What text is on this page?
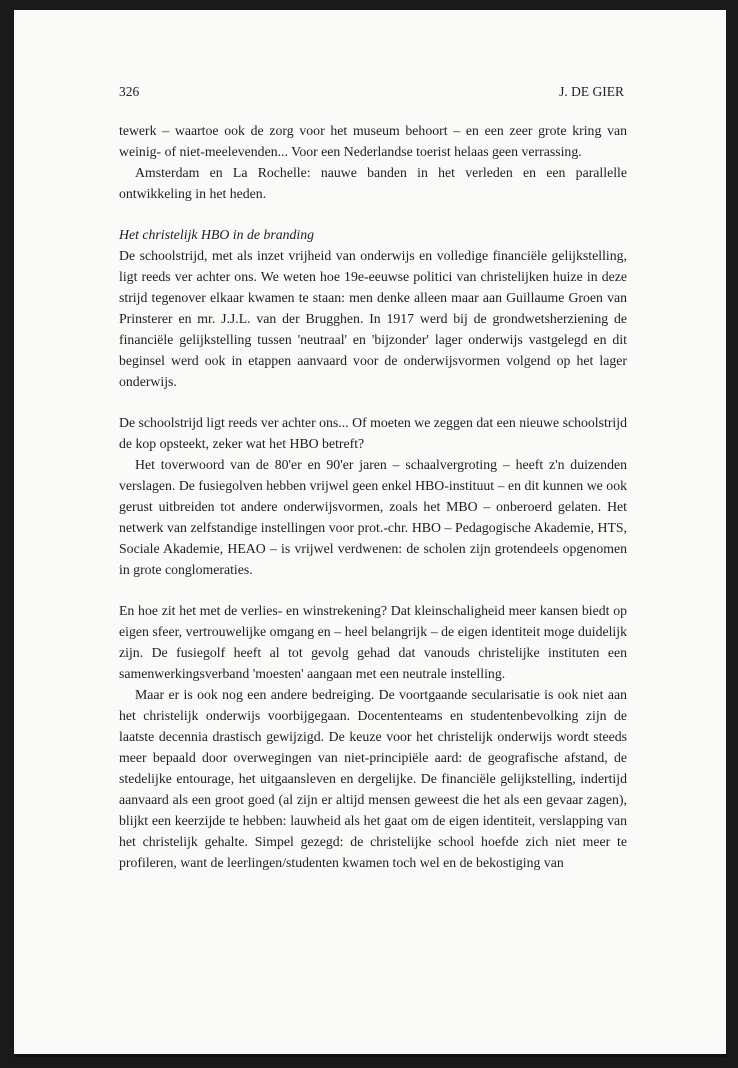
326	J. DE GIER

tewerk – waartoe ook de zorg voor het museum behoort – en een zeer grote kring van weinig- of niet-meelevenden... Voor een Nederlandse toerist helaas geen verrassing.

Amsterdam en La Rochelle: nauwe banden in het verleden en een parallelle ontwikkeling in het heden.

Het christelijk HBO in de branding

De schoolstrijd, met als inzet vrijheid van onderwijs en volledige financiële gelijkstelling, ligt reeds ver achter ons. We weten hoe 19e-eeuwse politici van christelijken huize in deze strijd tegenover elkaar kwamen te staan: men denke alleen maar aan Guillaume Groen van Prinsterer en mr. J.J.L. van der Brugghen. In 1917 werd bij de grondwetsherziening de financiële gelijkstelling tussen 'neutraal' en 'bijzonder' lager onderwijs vastgelegd en dit beginsel werd ook in etappen aanvaard voor de onderwijsvormen volgend op het lager onderwijs.

De schoolstrijd ligt reeds ver achter ons... Of moeten we zeggen dat een nieuwe schoolstrijd de kop opsteekt, zeker wat het HBO betreft?

Het toverwoord van de 80'er en 90'er jaren – schaalvergroting – heeft z'n duizenden verslagen. De fusiegolven hebben vrijwel geen enkel HBO-instituut – en dit kunnen we ook gerust uitbreiden tot andere onderwijsvormen, zoals het MBO – onberoerd gelaten. Het netwerk van zelfstandige instellingen voor prot.-chr. HBO – Pedagogische Akademie, HTS, Sociale Akademie, HEAO – is vrijwel verdwenen: de scholen zijn grotendeels opgenomen in grote conglomeraties.

En hoe zit het met de verlies- en winstrekening? Dat kleinschaligheid meer kansen biedt op eigen sfeer, vertrouwelijke omgang en – heel belangrijk – de eigen identiteit moge duidelijk zijn. De fusiegolf heeft al tot gevolg gehad dat vanouds christelijke instituten een samenwerkingsverband 'moesten' aangaan met een neutrale instelling.

Maar er is ook nog een andere bedreiging. De voortgaande secularisatie is ook niet aan het christelijk onderwijs voorbijgegaan. Docententeams en studentenbevolking zijn de laatste decennia drastisch gewijzigd. De keuze voor het christelijk onderwijs wordt steeds meer bepaald door overwegingen van niet-principiële aard: de geografische afstand, de stedelijke entourage, het uitgaansleven en dergelijke. De financiële gelijkstelling, indertijd aanvaard als een groot goed (al zijn er altijd mensen geweest die het als een gevaar zagen), blijkt een keerzijde te hebben: lauwheid als het gaat om de eigen identiteit, verslapping van het christelijk gehalte. Simpel gezegd: de christelijke school hoefde zich niet meer te profileren, want de leerlingen/studenten kwamen toch wel en de bekostiging van
